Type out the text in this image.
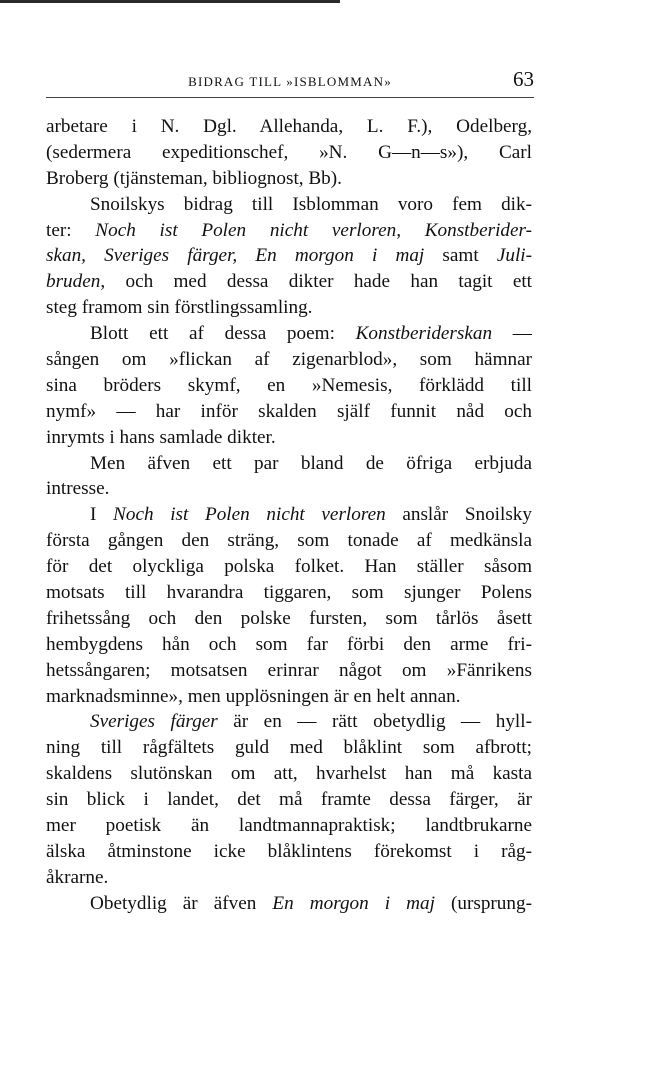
BIDRAG TILL »ISBLOMMAN»	63
arbetare i N. Dgl. Allehanda, L. F.), Odelberg,
(sedermera expeditionschef, »N. G—n—s»), Carl
Broberg (tjänsteman, bibliognost, Bb).
Snoilskys bidrag till Isblomman voro fem dik-
ter: Noch ist Polen nicht verloren, Konstberider-
skan, Sveriges färger, En morgon i maj samt Juli-
bruden, och med dessa dikter hade han tagit ett
steg framom sin förstlingssamling.
Blott ett af dessa poem: Konstberiderskan —
sången om »flickan af zigenarblod», som hämnar
sina bröders skymf, en »Nemesis, förklädd till
nymf» — har inför skalden själf funnit nåd och
inrymts i hans samlade dikter.
Men äfven ett par bland de öfriga erbjuda
intresse.
I Noch ist Polen nicht verloren anslår Snoilsky
första gången den sträng, som tonade af medkänsla
för det olyckliga polska folket. Han ställer såsom
motsats till hvarandra tiggaren, som sjunger Polens
frihetssång och den polske fursten, som tårlös åsett
hembygdens hån och som far förbi den arme fri-
hetssångaren; motsatsen erinrar något om »Fänrikens
marknadsminne», men upplösningen är en helt annan.
Sveriges färger är en — rätt obetydlig — hyll-
ning till rågfältets guld med blåklint som afbrott;
skaldens slutönskan om att, hvarhelst han må kasta
sin blick i landet, det må framte dessa färger, är
mer poetisk än landtmannapraktisk; landtbrukarne
älska åtminstone icke blåklintens förekomst i råg-
åkrarne.
Obetydlig är äfven En morgon i maj (ursprung-
